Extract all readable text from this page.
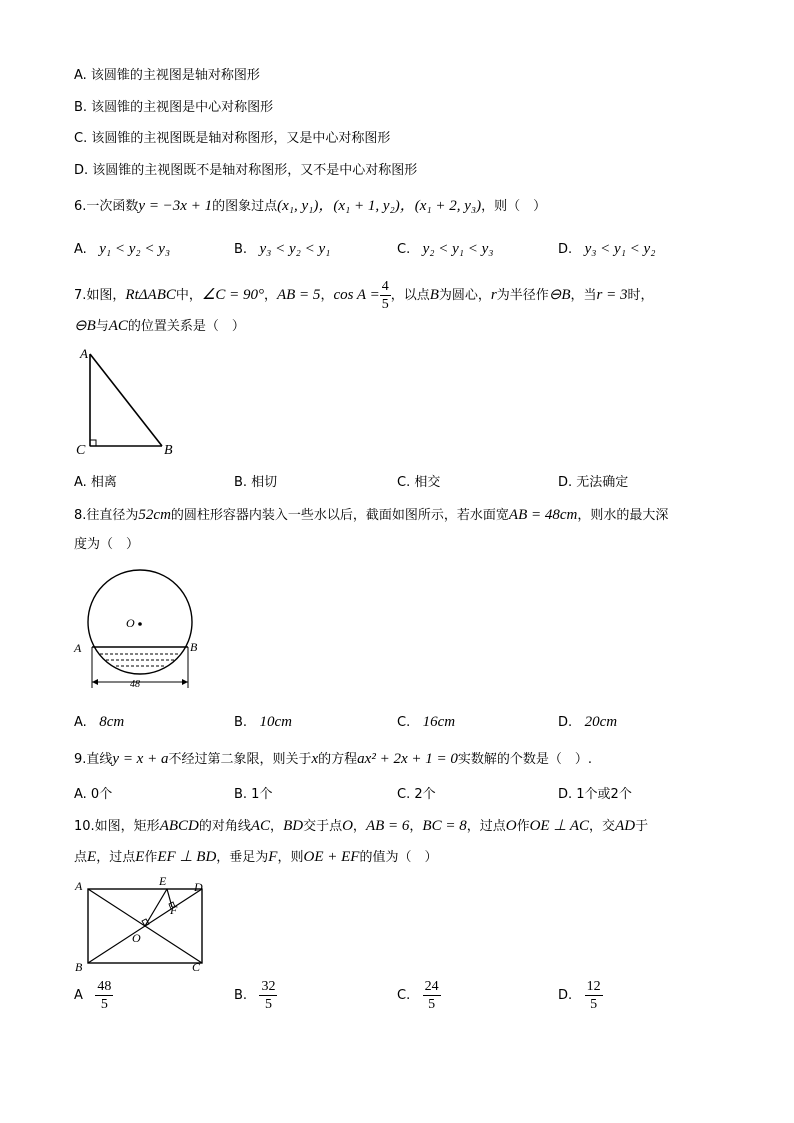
A. 该圆锥的主视图是轴对称图形
B. 该圆锥的主视图是中心对称图形
C. 该圆锥的主视图既是轴对称图形，又是中心对称图形
D. 该圆锥的主视图既不是轴对称图形，又不是中心对称图形
6.一次函数y = −3x + 1的图象过点(x₁, y₁)，(x₁ + 1, y₂)，(x₁ + 2, y₃)，则（　）
A. y₁ < y₂ < y₃	B. y₃ < y₂ < y₁	C. y₂ < y₁ < y₃	D. y₃ < y₁ < y₂
7.如图，RtΔABC中，∠C = 90°，AB = 5，$\cos A = \frac{4}{5}$ ，以点B为圆心，r为半径作⊖B，当r = 3时，
⊖B与AC的位置关系是（　）
A
C	B
A. 相离	B. 相切	C. 相交	D. 无法确定
8.往直径为52cm的圆柱形容器内装入一些水以后，截面如图所示，若水面宽AB = 48cm，则水的最大深
度为（　）
O
A	B
48
A. 8cm	B. 10cm	C. 16cm	D. 20cm
9.直线y = x + a不经过第二象限，则关于x的方程ax² + 2x + 1 = 0实数解的个数是（　）.
A. 0个	B. 1个	C. 2个	D. 1个或2个
10.如图，矩形ABCD的对角线AC，BD交于点O，AB = 6，BC = 8，过点O作OE ⊥ AC，交AD于
点E，过点E作EF ⊥ BD，垂足为F，则OE + EF的值为（　）
A
B	C
D
E
F
O
A $\frac{48}{5}$	B. $\frac{32}{5}$	C. $\frac{24}{5}$	D. $\frac{12}{5}$
